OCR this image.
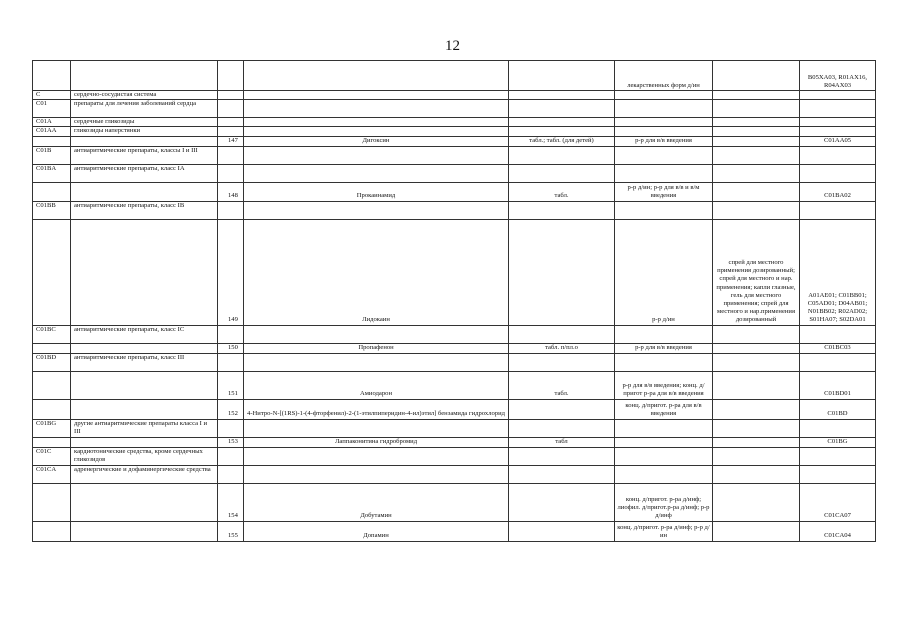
12
					лекарственных форм д/ин		B05XA03, R01AX16, R04AX03
C	сердечно-сосудистая система						
C01	препараты для лечения заболеваний сердца						
C01A	сердечные гликозиды						
C01AA	гликозиды наперстянки						
		147	Дигоксин	табл.; табл. (для детей)	р-р для в/в введения		C01AA05
C01B	антиаритмические препараты, классы I и III						
C01BA	антиаритмические препараты, класс IA						
		148	Прокаинамид	табл.	р-р д/ин; р-р для в/в и в/м введения		C01BA02
C01BB	антиаритмические препараты, класс IB						
		149	Лидокаин		р-р д/ин	спрей для местного применения дозированный; спрей для местного и нар. применения; капли глазные, гель для местного применения; спрей для местного и нар.применения дозированный	A01AE01; C01BB01; C05AD01; D04AB01; N01BB02; R02AD02; S01HA07; S02DA01
C01BC	антиаритмические препараты, класс IC						
		150	Пропафенон	табл. п/пл.о	р-р для в/в введения		C01BC03
C01BD	антиаритмические препараты, класс III						
		151	Амиодарон	табл.	р-р для в/в введения; конц. д/пригот р-ра для в/в введения		C01BD01
		152	4-Нитро-N-[(1RS)-1-(4-фторфенил)-2-(1-этилпиперидин-4-ил)этил] бензамида гидрохлорид		конц. д/пригот. р-ра для в/в введения		C01BD
C01BG	другие антиаритмические препараты класса I и III						
		153	Лаппаконитина гидробромид	табл			C01BG
C01C	кардиотонические средства, кроме сердечных гликозидов						
C01CA	адренергические и дофаминергические средства						
		154	Добутамин		конц. д/пригот. р-ра д/инф; лиофил. д/пригот.р-ра д/инф; р-р д/инф		C01CA07
		155	Допамин		конц. д/пригот. р-ра д/инф; р-р д/ин		C01CA04
